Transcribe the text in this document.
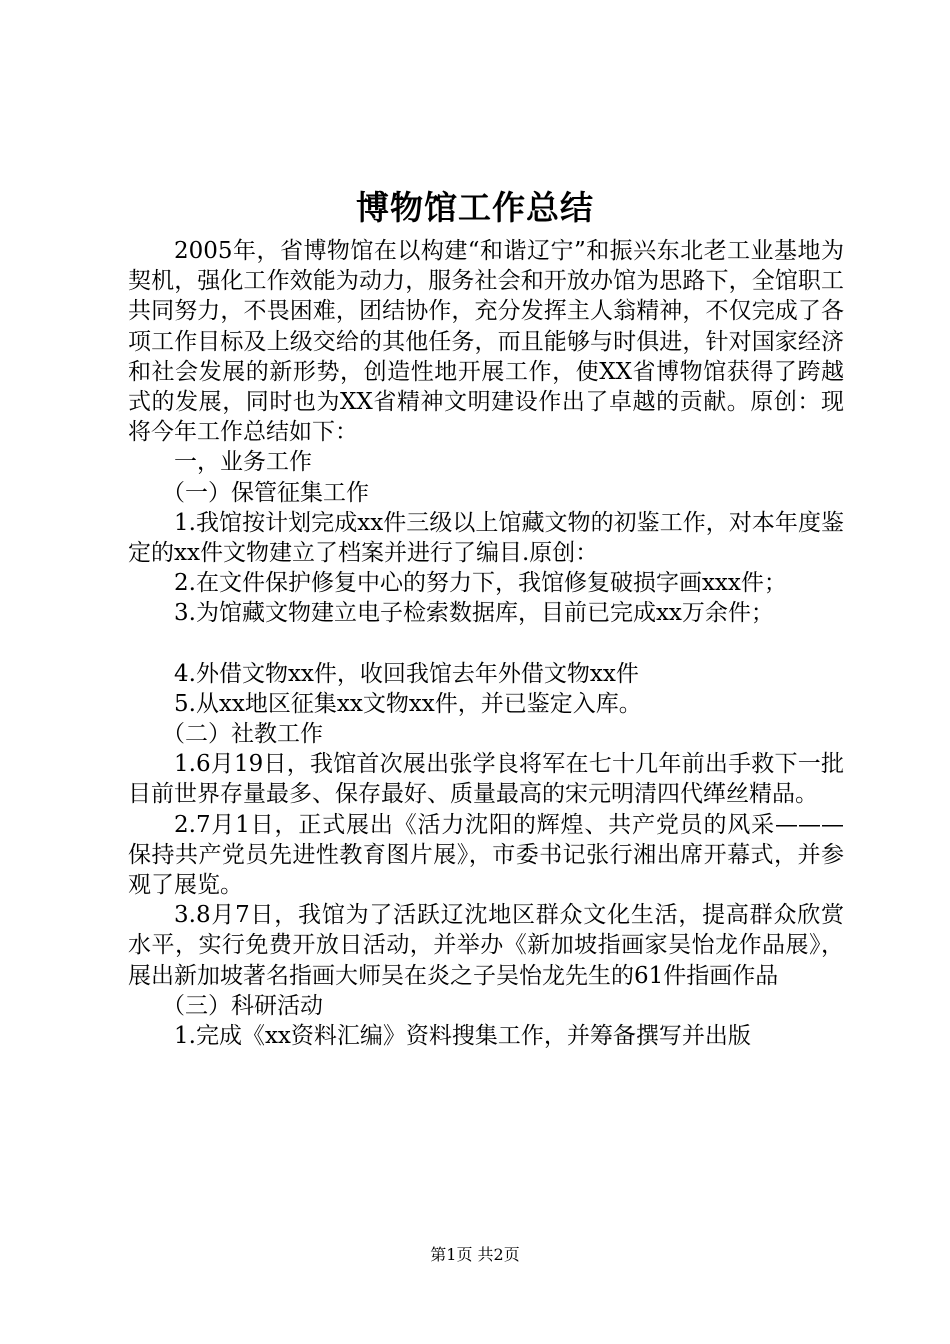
博物馆工作总结

2005年，省博物馆在以构建“和谐辽宁”和振兴东北老工业基地为契机，强化工作效能为动力，服务社会和开放办馆为思路下，全馆职工共同努力，不畏困难，团结协作，充分发挥主人翁精神，不仅完成了各项工作目标及上级交给的其他任务，而且能够与时俱进，针对国家经济和社会发展的新形势，创造性地开展工作，使XX省博物馆获得了跨越式的发展，同时也为XX省精神文明建设作出了卓越的贡献。原创：现将今年工作总结如下：

一，业务工作

（一）保管征集工作

1.我馆按计划完成xx件三级以上馆藏文物的初鉴工作，对本年度鉴定的xx件文物建立了档案并进行了编目.原创：

2.在文件保护修复中心的努力下，我馆修复破损字画xxx件；

3.为馆藏文物建立电子检索数据库，目前已完成xx万余件；

4.外借文物xx件，收回我馆去年外借文物xx件

5.从xx地区征集xx文物xx件，并已鉴定入库。

（二）社教工作

1.6月19日，我馆首次展出张学良将军在七十几年前出手救下一批目前世界存量最多、保存最好、质量最高的宋元明清四代缂丝精品。

2.7月1日，正式展出《活力沈阳的辉煌、共产党员的风采———保持共产党员先进性教育图片展》，市委书记张行湘出席开幕式，并参观了展览。

3.8月7日，我馆为了活跃辽沈地区群众文化生活，提高群众欣赏水平，实行免费开放日活动，并举办《新加坡指画家吴怡龙作品展》，展出新加坡著名指画大师吴在炎之子吴怡龙先生的61件指画作品

（三）科研活动

1.完成《xx资料汇编》资料搜集工作，并筹备撰写并出版

第1页 共2页
